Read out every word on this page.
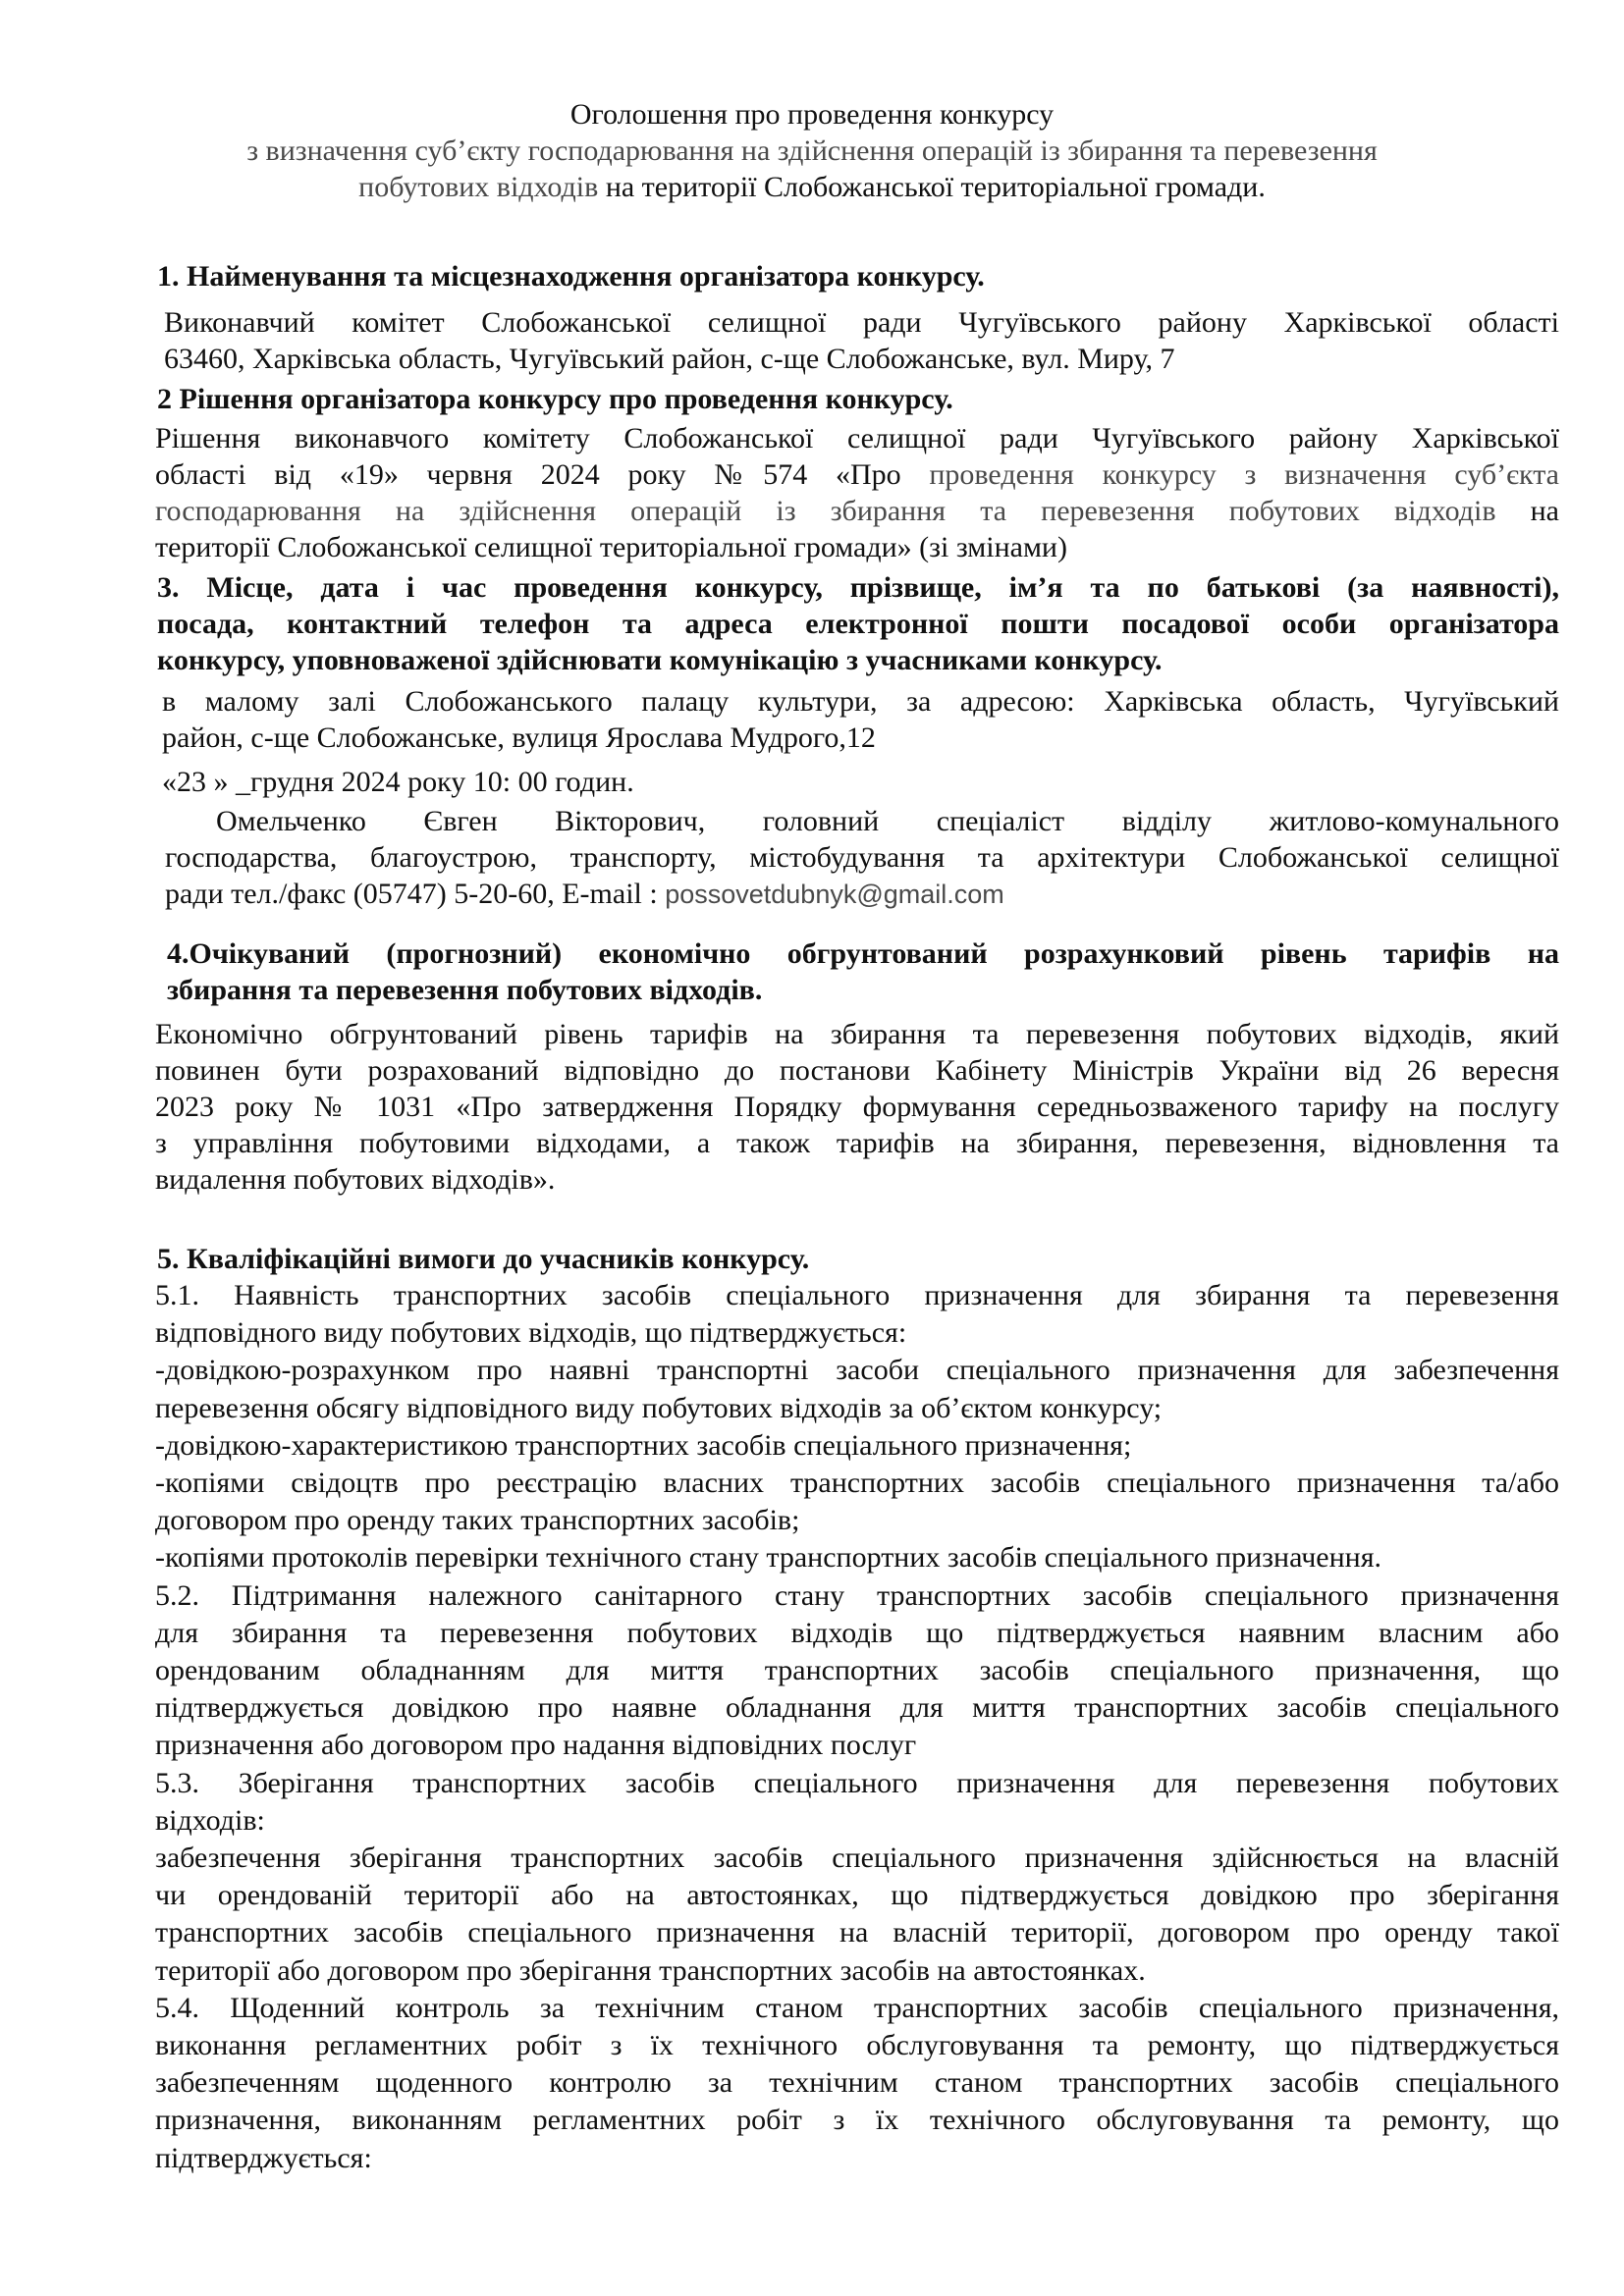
Оголошення про проведення конкурсу
з визначення суб’єкту господарювання на здійснення операцій із збирання та перевезення
побутових відходів на території Слобожанської територіальної громади.
1. Найменування та місцезнаходження організатора конкурсу.
Виконавчий комітет Слобожанської селищної ради Чугуївського району Харківської області
63460, Харківська область, Чугуївський район, с-ще Слобожанське, вул. Миру, 7
2 Рішення організатора конкурсу про проведення конкурсу.
Рішення виконавчого комітету Слобожанської селищної ради Чугуївського району Харківської
області від «19» червня 2024 року №574 «Про проведення конкурсу з визначення суб’єкта
господарювання на здійснення операцій із збирання та перевезення побутових відходів на
території Слобожанської селищної територіальної громади» (зі змінами)
3. Місце, дата і час проведення конкурсу, прізвище, ім’я та по батькові (за наявності),
посада, контактний телефон та адреса електронної пошти посадової особи організатора
конкурсу, уповноваженої здійснювати комунікацію з учасниками конкурсу.
в малому залі Слобожанського палацу культури, за адресою: Харківська область, Чугуївський
район, с-ще Слобожанське, вулиця Ярослава Мудрого,12
«23 » _грудня 2024 року 10: 00 годин.
Омельченко Євген Вікторович, головний спеціаліст відділу житлово-комунального
господарства, благоустрою, транспорту, містобудування та архітектури Слобожанської селищної
ради тел./факс (05747) 5-20-60, E-mail : possovetdubnyk@gmail.com
4.Очікуваний (прогнозний) економічно обгрунтований розрахунковий рівень тарифів на
збирання та перевезення побутових відходів.
Економічно обгрунтований рівень тарифів на збирання та перевезення побутових відходів, який
повинен бути розрахований відповідно до постанови Кабінету Міністрів України від 26 вересня
2023 року № 1031 «Про затвердження Порядку формування середньозваженого тарифу на послугу
з управління побутовими відходами, а також тарифів на збирання, перевезення, відновлення та
видалення побутових відходів».
5. Кваліфікаційні вимоги до учасників конкурсу.
5.1. Наявність транспортних засобів спеціального призначення для збирання та перевезення
відповідного виду побутових відходів, що підтверджується:
-довідкою-розрахунком про наявні транспортні засоби спеціального призначення для забезпечення
перевезення обсягу відповідного виду побутових відходів за об’єктом конкурсу;
-довідкою-характеристикою транспортних засобів спеціального призначення;
-копіями свідоцтв про реєстрацію власних транспортних засобів спеціального призначення та/або
договором про оренду таких транспортних засобів;
-копіями протоколів перевірки технічного стану транспортних засобів спеціального призначення.
5.2. Підтримання належного санітарного стану транспортних засобів спеціального призначення
для збирання та перевезення побутових відходів що підтверджується наявним власним або
орендованим обладнанням для миття транспортних засобів спеціального призначення, що
підтверджується довідкою про наявне обладнання для миття транспортних засобів спеціального
призначення або договором про надання відповідних послуг
5.3. Зберігання транспортних засобів спеціального призначення для перевезення побутових
відходів:
забезпечення зберігання транспортних засобів спеціального призначення здійснюється на власній
чи орендованій території або на автостоянках, що підтверджується довідкою про зберігання
транспортних засобів спеціального призначення на власній території, договором про оренду такої
території або договором про зберігання транспортних засобів на автостоянках.
5.4. Щоденний контроль за технічним станом транспортних засобів спеціального призначення,
виконання регламентних робіт з їх технічного обслуговування та ремонту, що підтверджується
забезпеченням щоденного контролю за технічним станом транспортних засобів спеціального
призначення, виконанням регламентних робіт з їх технічного обслуговування та ремонту, що
підтверджується:
